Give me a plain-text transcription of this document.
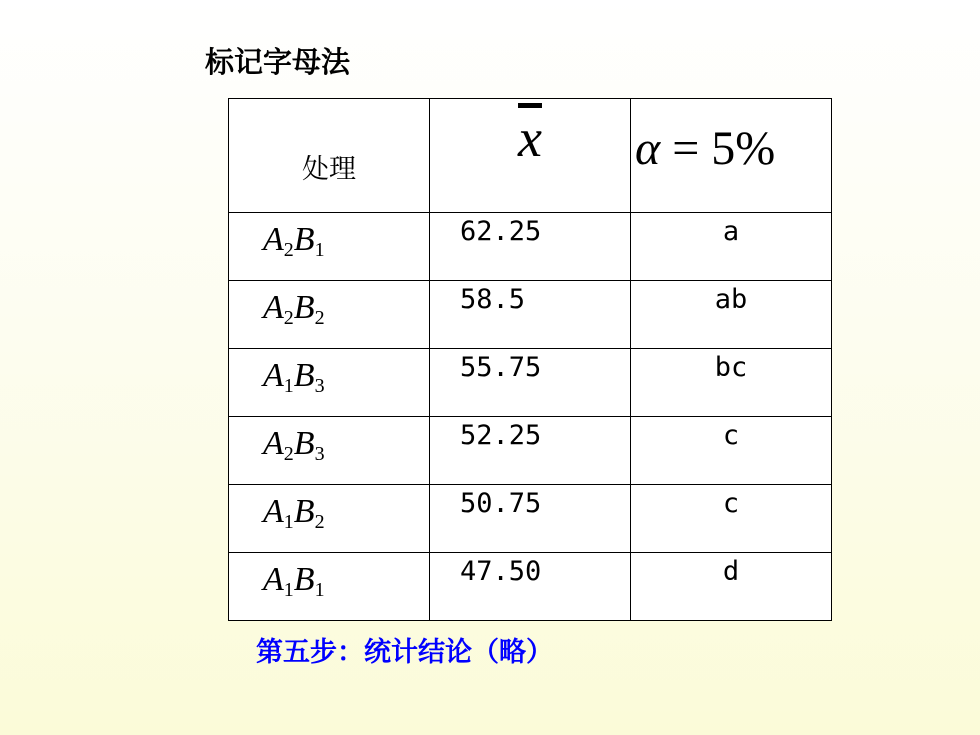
标记字母法
处理	$\overline{x}$	α = 5%

$A_2B_1$	62.25	a

$A_2B_2$	58.5	ab

$A_1B_3$	55.75	bc

$A_2B_3$	52.25	c

$A_1B_2$	50.75	c

$A_1B_1$	47.50	d
第五步：统计结论（略）
